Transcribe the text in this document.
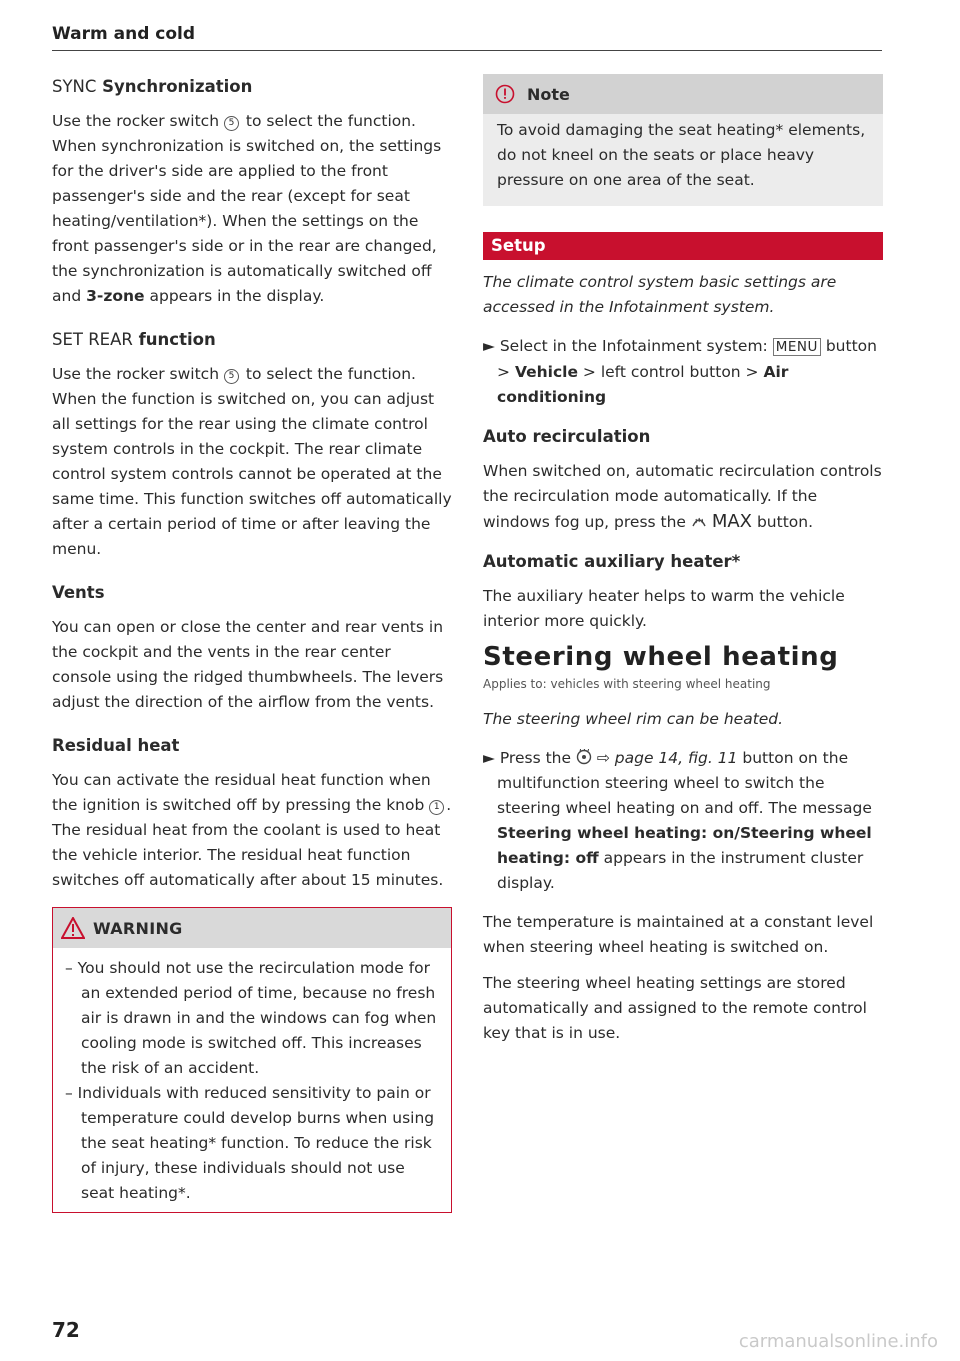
Warm and cold
SYNC Synchronization

Use the rocker switch 5 to select the function. When synchronization is switched on, the settings for the driver's side are applied to the front passenger's side and the rear (except for seat heating/ventilation*). When the settings on the front passenger's side or in the rear are changed, the synchronization is automatically switched off and 3-zone appears in the display.

SET REAR function

Use the rocker switch 5 to select the function. When the function is switched on, you can adjust all settings for the rear using the climate control system controls in the cockpit. The rear climate control system controls cannot be operated at the same time. This function switches off automatically after a certain period of time or after leaving the menu.

Vents

You can open or close the center and rear vents in the cockpit and the vents in the rear center console using the ridged thumbwheels. The levers adjust the direction of the airflow from the vents.

Residual heat

You can activate the residual heat function when the ignition is switched off by pressing the knob 1 . The residual heat from the coolant is used to heat the vehicle interior. The residual heat function switches off automatically after about 15 minutes.

WARNING

– You should not use the recirculation mode for an extended period of time, because no fresh air is drawn in and the windows can fog when cooling mode is switched off. This increases the risk of an accident.

– Individuals with reduced sensitivity to pain or temperature could develop burns when using the seat heating* function. To reduce the risk of injury, these individuals should not use seat heating*.

Note

To avoid damaging the seat heating* elements, do not kneel on the seats or place heavy pressure on one area of the seat.

Setup

The climate control system basic settings are accessed in the Infotainment system.

► Select in the Infotainment system: MENU button > Vehicle > left control button > Air conditioning

Auto recirculation

When switched on, automatic recirculation controls the recirculation mode automatically. If the windows fog up, press the MAX button.

Automatic auxiliary heater*

The auxiliary heater helps to warm the vehicle interior more quickly.

Steering wheel heating
Applies to: vehicles with steering wheel heating

The steering wheel rim can be heated.

► Press the ⇨ page 14, fig. 11 button on the multifunction steering wheel to switch the steering wheel heating on and off. The message Steering wheel heating: on/Steering wheel heating: off appears in the instrument cluster display.

The temperature is maintained at a constant level when steering wheel heating is switched on.

The steering wheel heating settings are stored automatically and assigned to the remote control key that is in use.

72	carmanualsonline.info
